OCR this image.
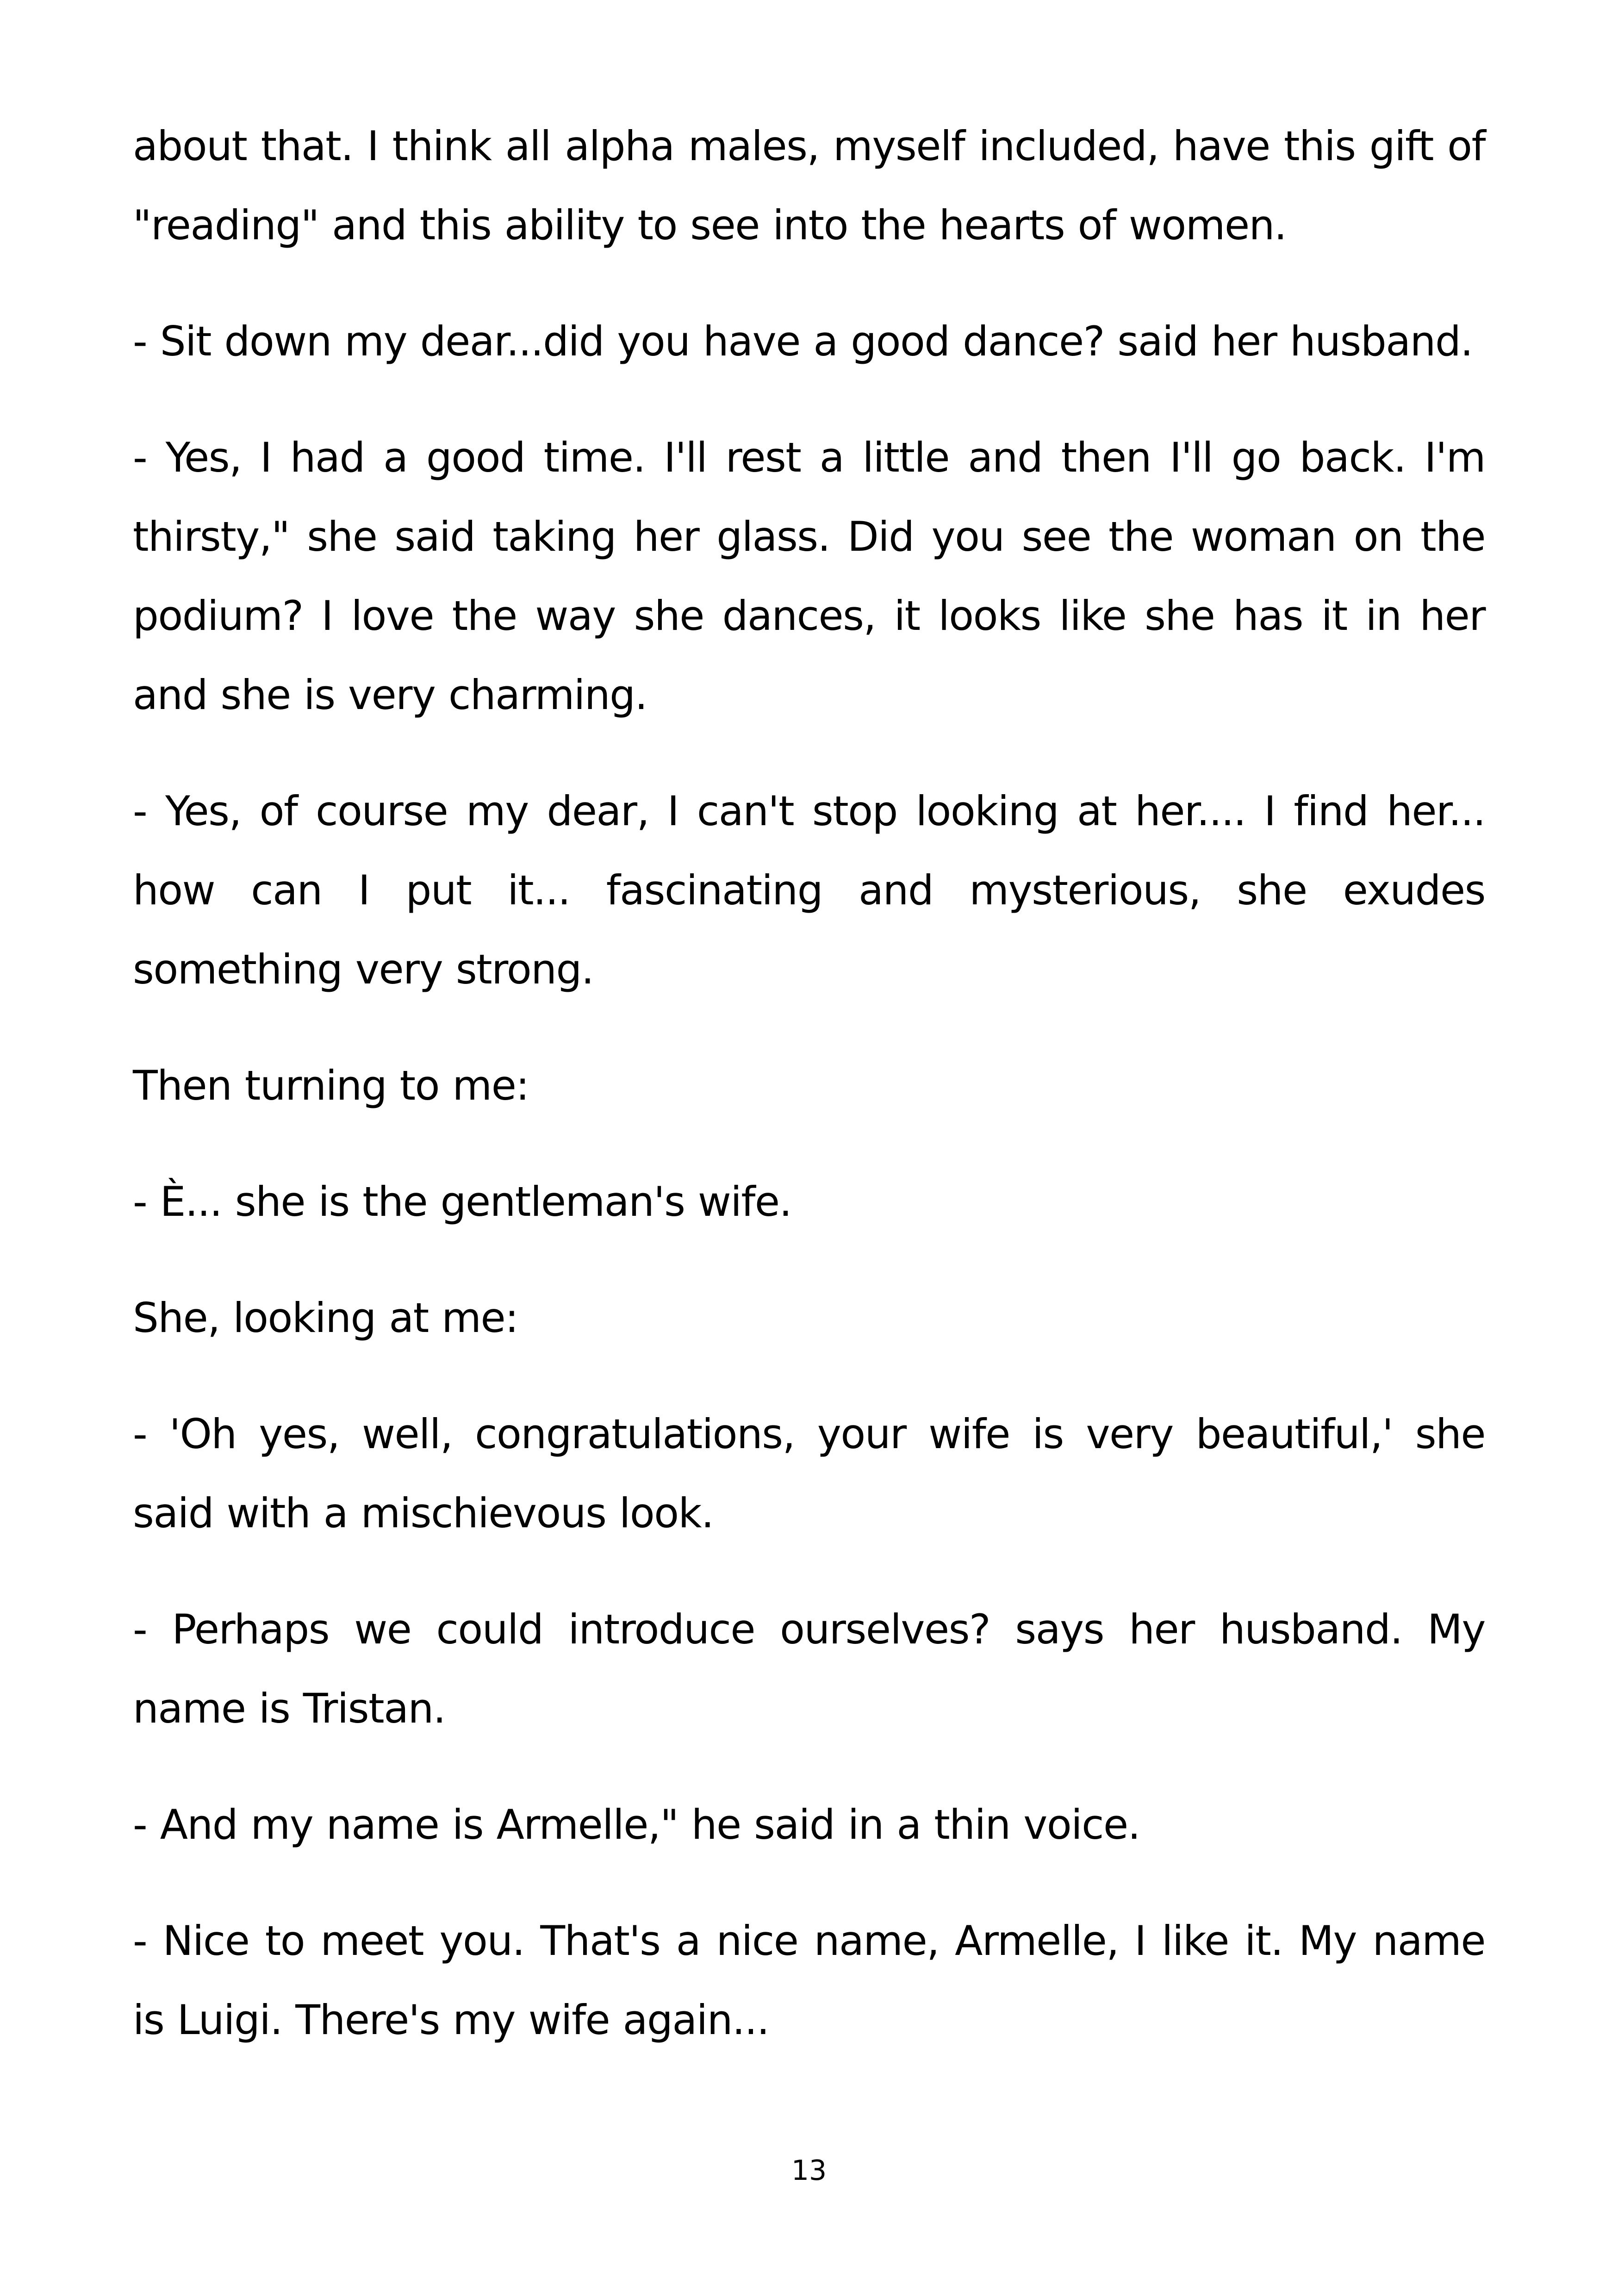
about that. I think all alpha males, myself included, have this gift of "reading" and this ability to see into the hearts of women.

- Sit down my dear...did you have a good dance? said her husband.

- Yes, I had a good time. I'll rest a little and then I'll go back. I'm thirsty," she said taking her glass. Did you see the woman on the podium? I love the way she dances, it looks like she has it in her and she is very charming.

- Yes, of course my dear, I can't stop looking at her.... I find her... how can I put it... fascinating and mysterious, she exudes something very strong.

Then turning to me:

- È... she is the gentleman's wife.

She, looking at me:

- 'Oh yes, well, congratulations, your wife is very beautiful,' she said with a mischievous look.

- Perhaps we could introduce ourselves? says her husband. My name is Tristan.

- And my name is Armelle," he said in a thin voice.

- Nice to meet you. That's a nice name, Armelle, I like it. My name is Luigi. There's my wife again...

13
